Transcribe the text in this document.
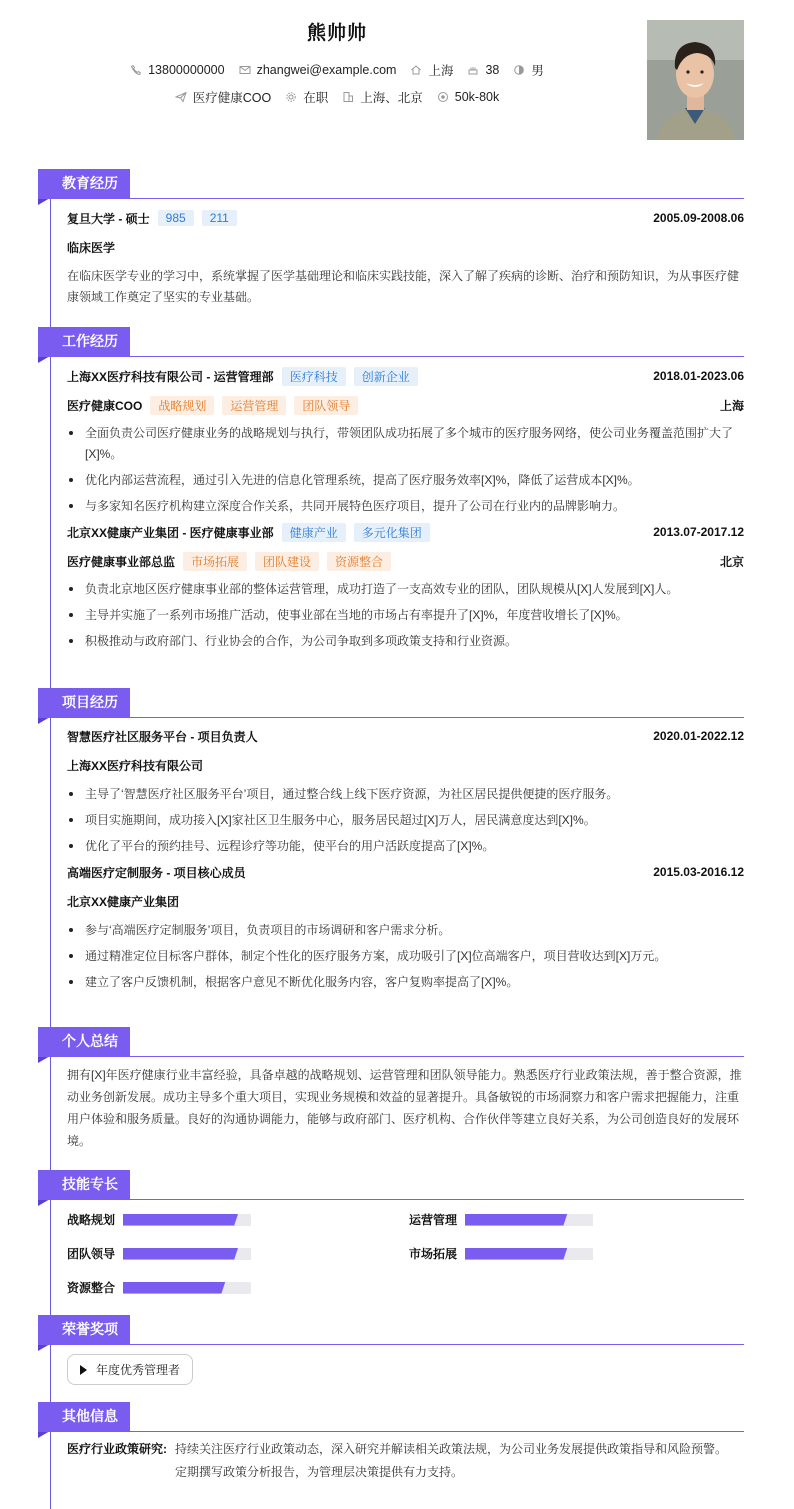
熊帅帅
13800000000	zhangwei@example.com	上海	38	男
医疗健康COO	在职	上海、北京	50k-80k
教育经历
复旦大学 - 硕士	985	211	2005.09-2008.06
临床医学
在临床医学专业的学习中，系统掌握了医学基础理论和临床实践技能，深入了解了疾病的诊断、治疗和预防知识，为从事医疗健康领域工作奠定了坚实的专业基础。
工作经历
上海XX医疗科技有限公司 - 运营管理部	医疗科技	创新企业	2018.01-2023.06
医疗健康COO	战略规划	运营管理	团队领导	上海
全面负责公司医疗健康业务的战略规划与执行，带领团队成功拓展了多个城市的医疗服务网络，使公司业务覆盖范围扩大了[X]%。
优化内部运营流程，通过引入先进的信息化管理系统，提高了医疗服务效率[X]%，降低了运营成本[X]%。
与多家知名医疗机构建立深度合作关系，共同开展特色医疗项目，提升了公司在行业内的品牌影响力。
北京XX健康产业集团 - 医疗健康事业部	健康产业	多元化集团	2013.07-2017.12
医疗健康事业部总监	市场拓展	团队建设	资源整合	北京
负责北京地区医疗健康事业部的整体运营管理，成功打造了一支高效专业的团队，团队规模从[X]人发展到[X]人。
主导并实施了一系列市场推广活动，使事业部在当地的市场占有率提升了[X]%，年度营收增长了[X]%。
积极推动与政府部门、行业协会的合作，为公司争取到多项政策支持和行业资源。
项目经历
智慧医疗社区服务平台 - 项目负责人	2020.01-2022.12
上海XX医疗科技有限公司
主导了‘智慧医疗社区服务平台’项目，通过整合线上线下医疗资源，为社区居民提供便捷的医疗服务。
项目实施期间，成功接入[X]家社区卫生服务中心，服务居民超过[X]万人，居民满意度达到[X]%。
优化了平台的预约挂号、远程诊疗等功能，使平台的用户活跃度提高了[X]%。
高端医疗定制服务 - 项目核心成员	2015.03-2016.12
北京XX健康产业集团
参与‘高端医疗定制服务’项目，负责项目的市场调研和客户需求分析。
通过精准定位目标客户群体，制定个性化的医疗服务方案，成功吸引了[X]位高端客户，项目营收达到[X]万元。
建立了客户反馈机制，根据客户意见不断优化服务内容，客户复购率提高了[X]%。
个人总结
拥有[X]年医疗健康行业丰富经验，具备卓越的战略规划、运营管理和团队领导能力。熟悉医疗行业政策法规，善于整合资源，推动业务创新发展。成功主导多个重大项目，实现业务规模和效益的显著提升。具备敏锐的市场洞察力和客户需求把握能力，注重用户体验和服务质量。良好的沟通协调能力，能够与政府部门、医疗机构、合作伙伴等建立良好关系，为公司创造良好的发展环境。
技能专长
战略规划	运营管理
团队领导	市场拓展
资源整合
荣誉奖项
年度优秀管理者
其他信息
医疗行业政策研究: 持续关注医疗行业政策动态，深入研究并解读相关政策法规，为公司业务发展提供政策指导和风险预警。
定期撰写政策分析报告，为管理层决策提供有力支持。
